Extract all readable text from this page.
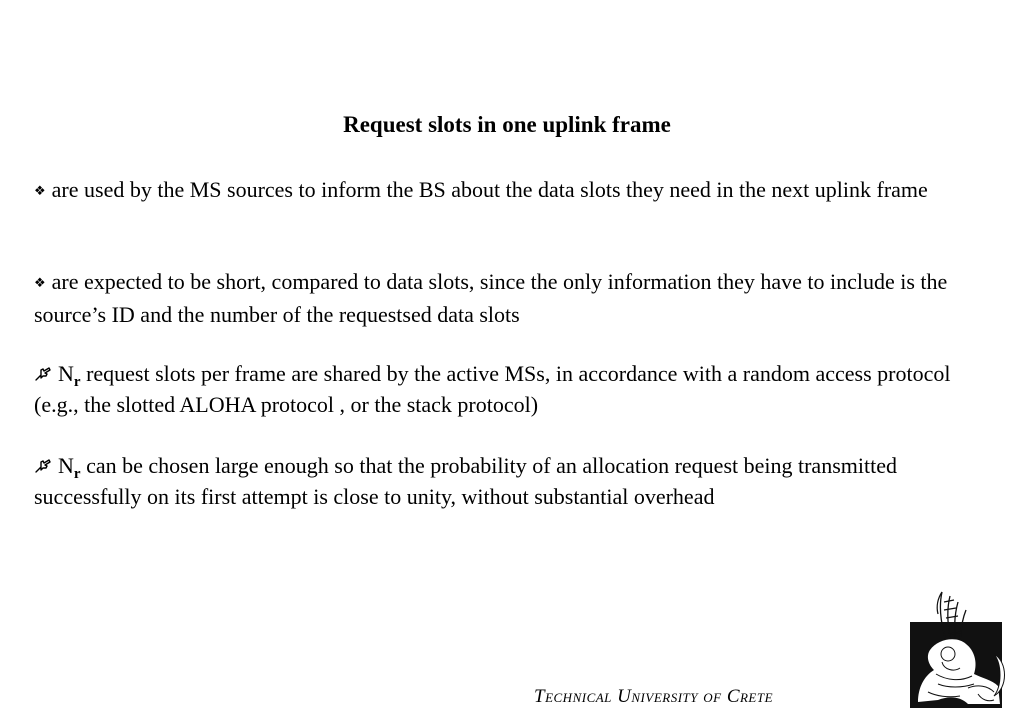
Request slots in one uplink frame
❖ are used by the MS sources to inform the BS about the data slots they need in the next uplink frame
❖ are expected to be short, compared to data slots, since the only information they have to include is the source’s ID and the number of the requestsed data slots
$N_r$ request slots per frame are shared by the active MSs, in accordance with a random access protocol (e.g., the slotted ALOHA protocol , or the stack protocol)
$N_r$ can be chosen large enough so that the probability of an allocation request being transmitted successfully on its first attempt is close to unity, without substantial overhead
Technical University of Crete
